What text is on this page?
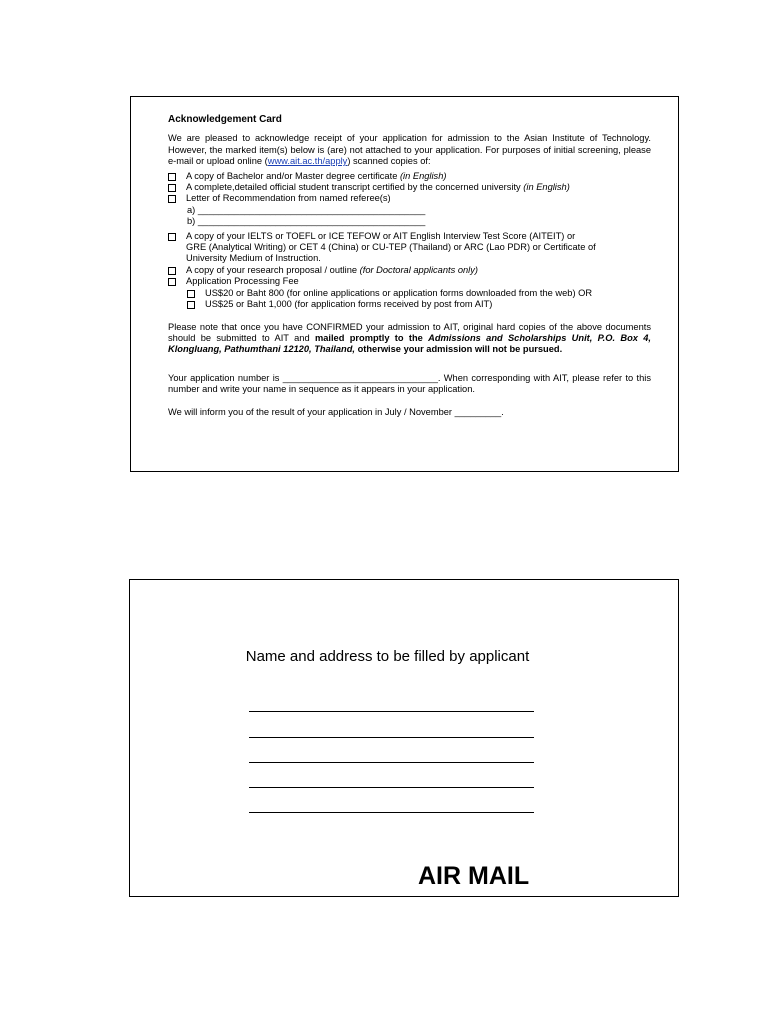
Acknowledgement Card

We are pleased to acknowledge receipt of your application for admission to the Asian Institute of Technology. However, the marked item(s) below is (are) not attached to your application. For purposes of initial screening, please e-mail or upload online (www.ait.ac.th/apply) scanned copies of:

A copy of Bachelor and/or Master degree certificate (in English)
A complete,detailed official student transcript certified by the concerned university (in English)
Letter of Recommendation from named referee(s)
a) ____________________________________________
b) ____________________________________________
A copy of your IELTS or TOEFL or ICE TEFOW or AIT English Interview Test Score (AITEIT) or
GRE (Analytical Writing) or CET 4 (China) or CU-TEP (Thailand) or ARC (Lao PDR) or Certificate of
University Medium of Instruction.
A copy of your research proposal / outline (for Doctoral applicants only)
Application Processing Fee
US$20 or Baht 800 (for online applications or application forms downloaded from the web) OR
US$25 or Baht 1,000 (for application forms received by post from AIT)

Please note that once you have CONFIRMED your admission to AIT, original hard copies of the above documents should be submitted to AIT and mailed promptly to the Admissions and Scholarships Unit, P.O. Box 4, Klongluang, Pathumthani 12120, Thailand, otherwise your admission will not be pursued.

Your application number is ______________________________. When corresponding with AIT, please refer to this number and write your name in sequence as it appears in your application.

We will inform you of the result of your application in July / November _________.

Name and address to be filled by applicant
AIR MAIL
